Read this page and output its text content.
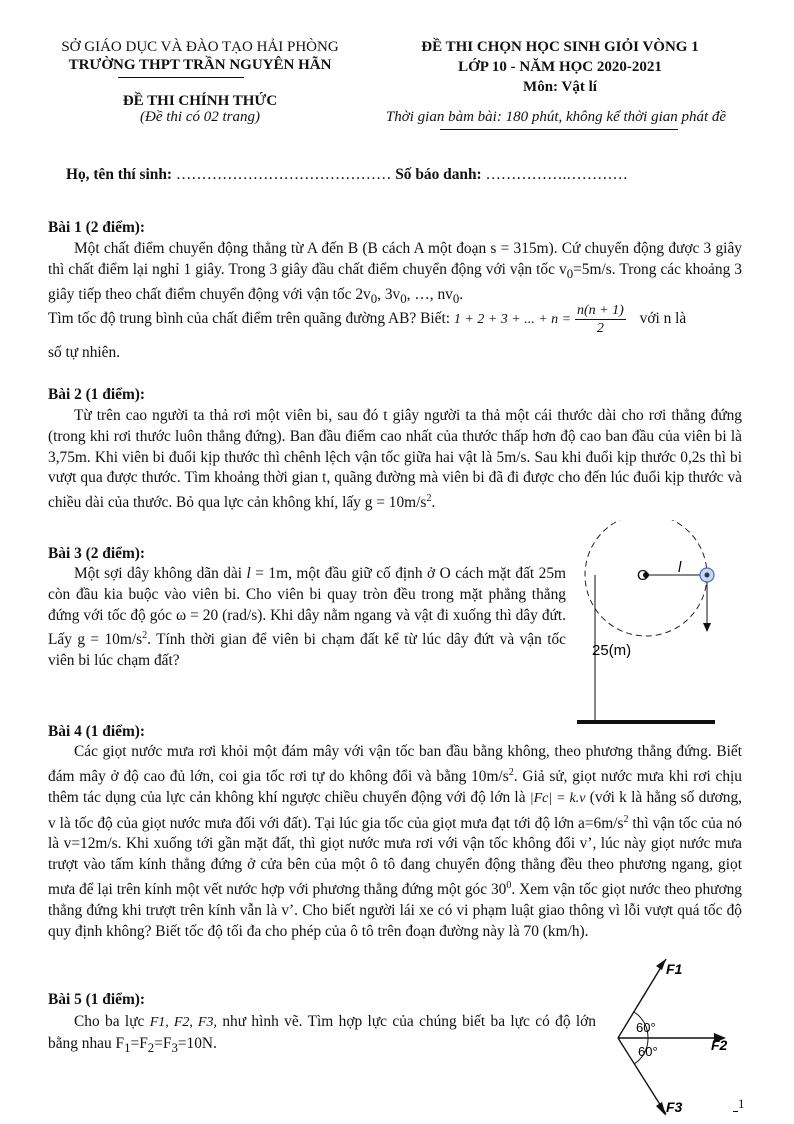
SỞ GIÁO DỤC VÀ ĐÀO TẠO HẢI PHÒNG
TRƯỜNG THPT TRẦN NGUYÊN HÃN
ĐỀ THI CHÍNH THỨC
(Đề thi có 02 trang)
ĐỀ THI CHỌN HỌC SINH GIỎI VÒNG 1
LỚP 10 - NĂM HỌC 2020-2021
Môn: Vật lí
Thời gian bàm bài: 180 phút, không kể thời gian phát đề
Họ, tên thí sinh: …………………………………… Số báo danh: …………….…………
Bài 1 (2 điểm):
Một chất điểm chuyển động thẳng từ A đến B (B cách A một đoạn s = 315m). Cứ chuyển động được 3 giây thì chất điểm lại nghỉ 1 giây. Trong 3 giây đầu chất điểm chuyển động với vận tốc $v_0=5m/s$. Trong các khoảng 3 giây tiếp theo chất điểm chuyển động với vận tốc $2v_0$, $3v_0$, …, $nv_0$.
Tìm tốc độ trung bình của chất điểm trên quãng đường AB? Biết: 1 + 2 + 3 + ... + $n = \frac{n(n + 1)}{2}$ với n là
số tự nhiên.
Bài 2 (1 điểm):
Từ trên cao người ta thả rơi một viên bi, sau đó t giây người ta thả một cái thước dài cho rơi thẳng đứng (trong khi rơi thước luôn thẳng đứng). Ban đầu điểm cao nhất của thước thấp hơn độ cao ban đầu của viên bi là 3,75m. Khi viên bi đuổi kịp thước thì chênh lệch vận tốc giữa hai vật là 5m/s. Sau khi đuổi kịp thước 0,2s thì bi vượt qua được thước. Tìm khoảng thời gian t, quãng đường mà viên bi đã đi được cho đến lúc đuổi kịp thước và chiều dài của thước. Bỏ qua lực cản không khí, lấy $g = 10m/s^2$.
Bài 3 (2 điểm):
Một sợi dây không dãn dài l = 1m, một đầu giữ cố định ở O cách mặt đất 25m còn đầu kia buộc vào viên bi. Cho viên bi quay tròn đều trong mặt phẳng thẳng đứng với tốc độ góc ω = 20 (rad/s). Khi dây nằm ngang và vật đi xuống thì dây đứt. Lấy $g = 10m/s^2$. Tính thời gian để viên bi chạm đất kể từ lúc dây đứt và vận tốc viên bi lúc chạm đất?
O l
25(m)
Bài 4 (1 điểm):
Các giọt nước mưa rơi khỏi một đám mây với vận tốc ban đầu bằng không, theo phương thẳng đứng. Biết đám mây ở độ cao đủ lớn, coi gia tốc rơi tự do không đổi và bằng $10m/s^2$. Giả sử, giọt nước mưa khi rơi chịu thêm tác dụng của lực cản không khí ngược chiều chuyển động với độ lớn là |Fc| = k.v (với k là hằng số dương, v là tốc độ của giọt nước mưa đối với đất). Tại lúc gia tốc của giọt mưa đạt tới độ lớn $a=6m/s^2$ thì vận tốc của nó là v=12m/s. Khi xuống tới gần mặt đất, thì giọt nước mưa rơi với vận tốc không đổi v’, lúc này giọt nước mưa trượt vào tấm kính thẳng đứng ở cửa bên của một ô tô đang chuyển động thẳng đều theo phương ngang, giọt mưa để lại trên kính một vết nước hợp với phương thẳng đứng một góc $30^0$. Xem vận tốc giọt nước theo phương thẳng đứng khi trượt trên kính vẫn là v’. Cho biết người lái xe có vi phạm luật giao thông vì lỗi vượt quá tốc độ quy định không? Biết tốc độ tối đa cho phép của ô tô trên đoạn đường này là 70 (km/h).
Bài 5 (1 điểm):
Cho ba lực F1, F2, F3, như hình vẽ. Tìm hợp lực của chúng biết ba lực có độ lớn bằng nhau $F_1=F_2=F_3=10N$.
60°
60°
F1
F2
F3	1
